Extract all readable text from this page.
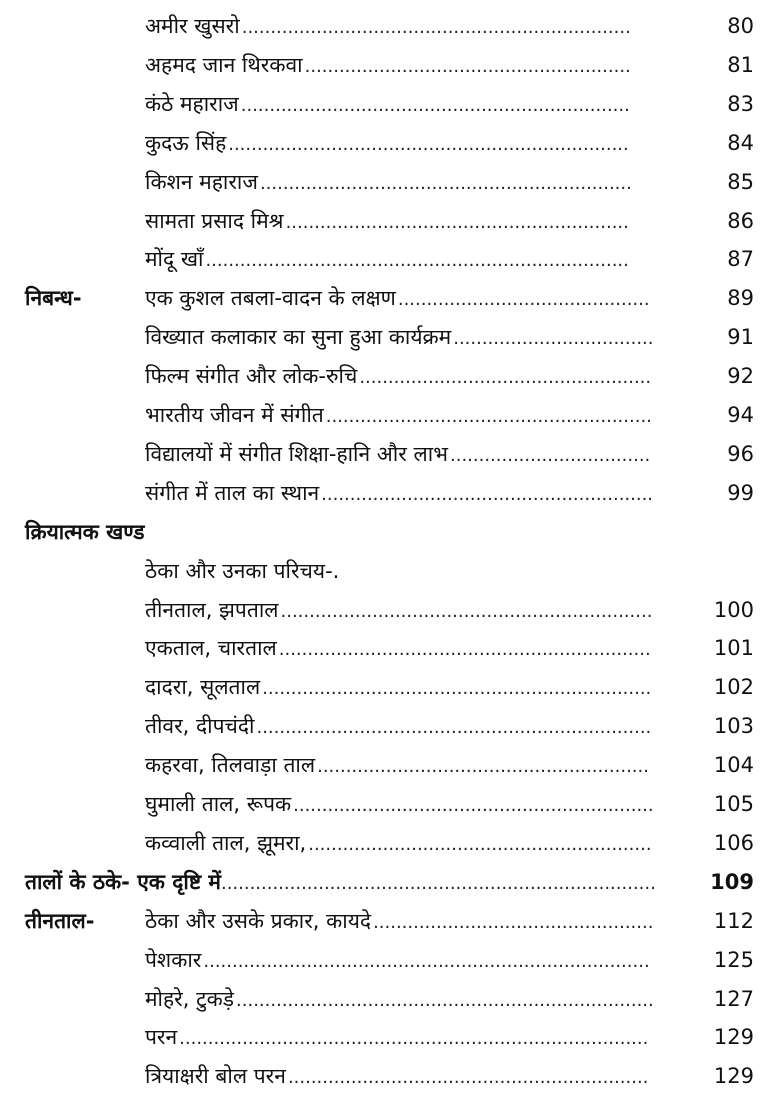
अमीर खुसरो ....................................................................	80
अहमद जान थिरकवा .........................................................	81
कंठे महाराज ....................................................................	83
कुदऊ सिंह ......................................................................	84
किशन महाराज .................................................................	85
सामता प्रसाद मिश्र ............................................................	86
मोंदू खाँ ..........................................................................	87
निबन्ध-	एक कुशल तबला-वादन के लक्षण ............................................	89
विख्यात कलाकार का सुना हुआ कार्यक्रम ...................................	91
फिल्म संगीत और लोक-रुचि ...................................................	92
भारतीय जीवन में संगीत .........................................................	94
विद्यालयों में संगीत शिक्षा-हानि और लाभ ...................................	96
संगीत में ताल का स्थान ..........................................................	99
क्रियात्मक खण्ड
ठेका और उनका परिचय-.
तीनताल, झपताल .................................................................	100
एकताल, चारताल .................................................................	101
दादरा, सूलताल ....................................................................	102
तीवर, दीपचंदी .....................................................................	103
कहरवा, तिलवाड़ा ताल ..........................................................	104
घुमाली ताल, रूपक ...............................................................	105
कव्वाली ताल, झूमरा, ............................................................	106
तालों के ठके- एक दृष्टि में ............................................................................	109
तीनताल-	ठेका और उसके प्रकार, कायदे .................................................	112
पेशकार ..............................................................................	125
मोहरे, टुकड़े .........................................................................	127
परन ..................................................................................	129
त्रियाक्षरी बोल परन ...............................................................	129
